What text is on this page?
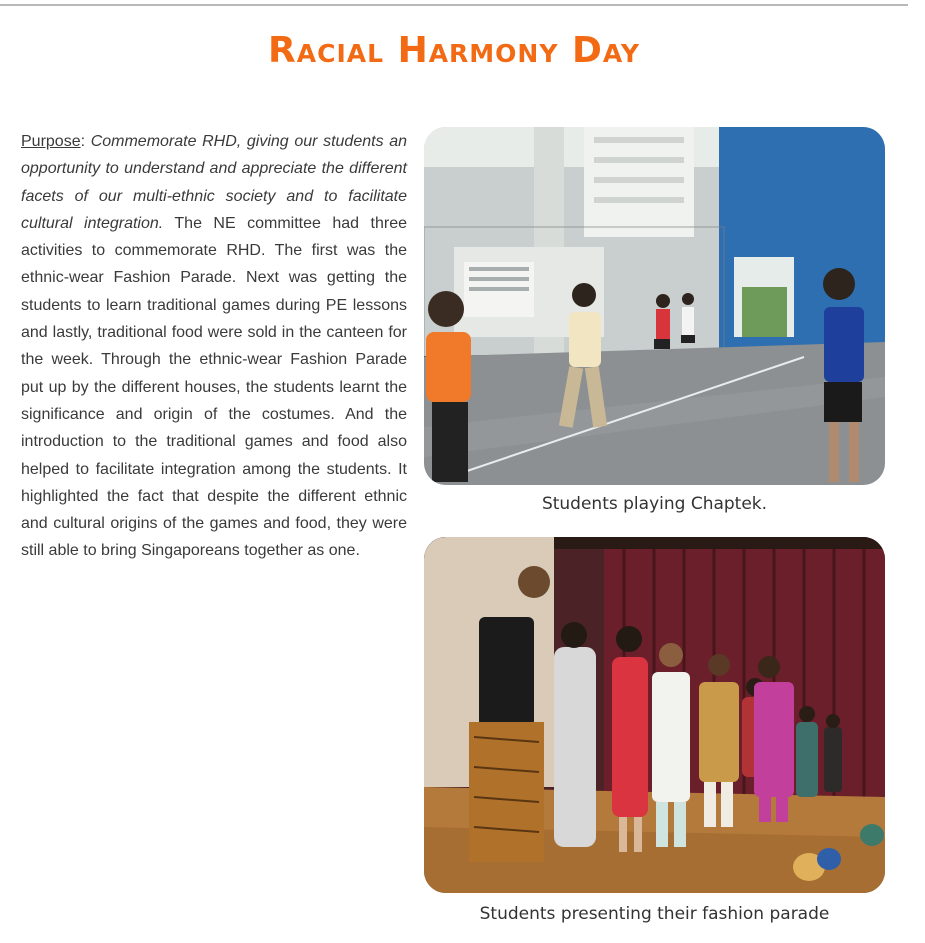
Racial Harmony Day
Purpose: Commemorate RHD, giving our students an opportunity to understand and appreciate the different facets of our multi-ethnic society and to facilitate cultural integration. The NE committee had three activities to commemorate RHD. The first was the ethnic-wear Fashion Parade. Next was getting the students to learn traditional games during PE lessons and lastly, traditional food were sold in the canteen for the week. Through the ethnic-wear Fashion Parade put up by the different houses, the students learnt the significance and origin of the costumes. And the introduction to the traditional games and food also helped to facilitate integration among the students. It highlighted the fact that despite the different ethnic and cultural origins of the games and food, they were still able to bring Singaporeans together as one.
Students playing Chaptek.
Students presenting their fashion parade
